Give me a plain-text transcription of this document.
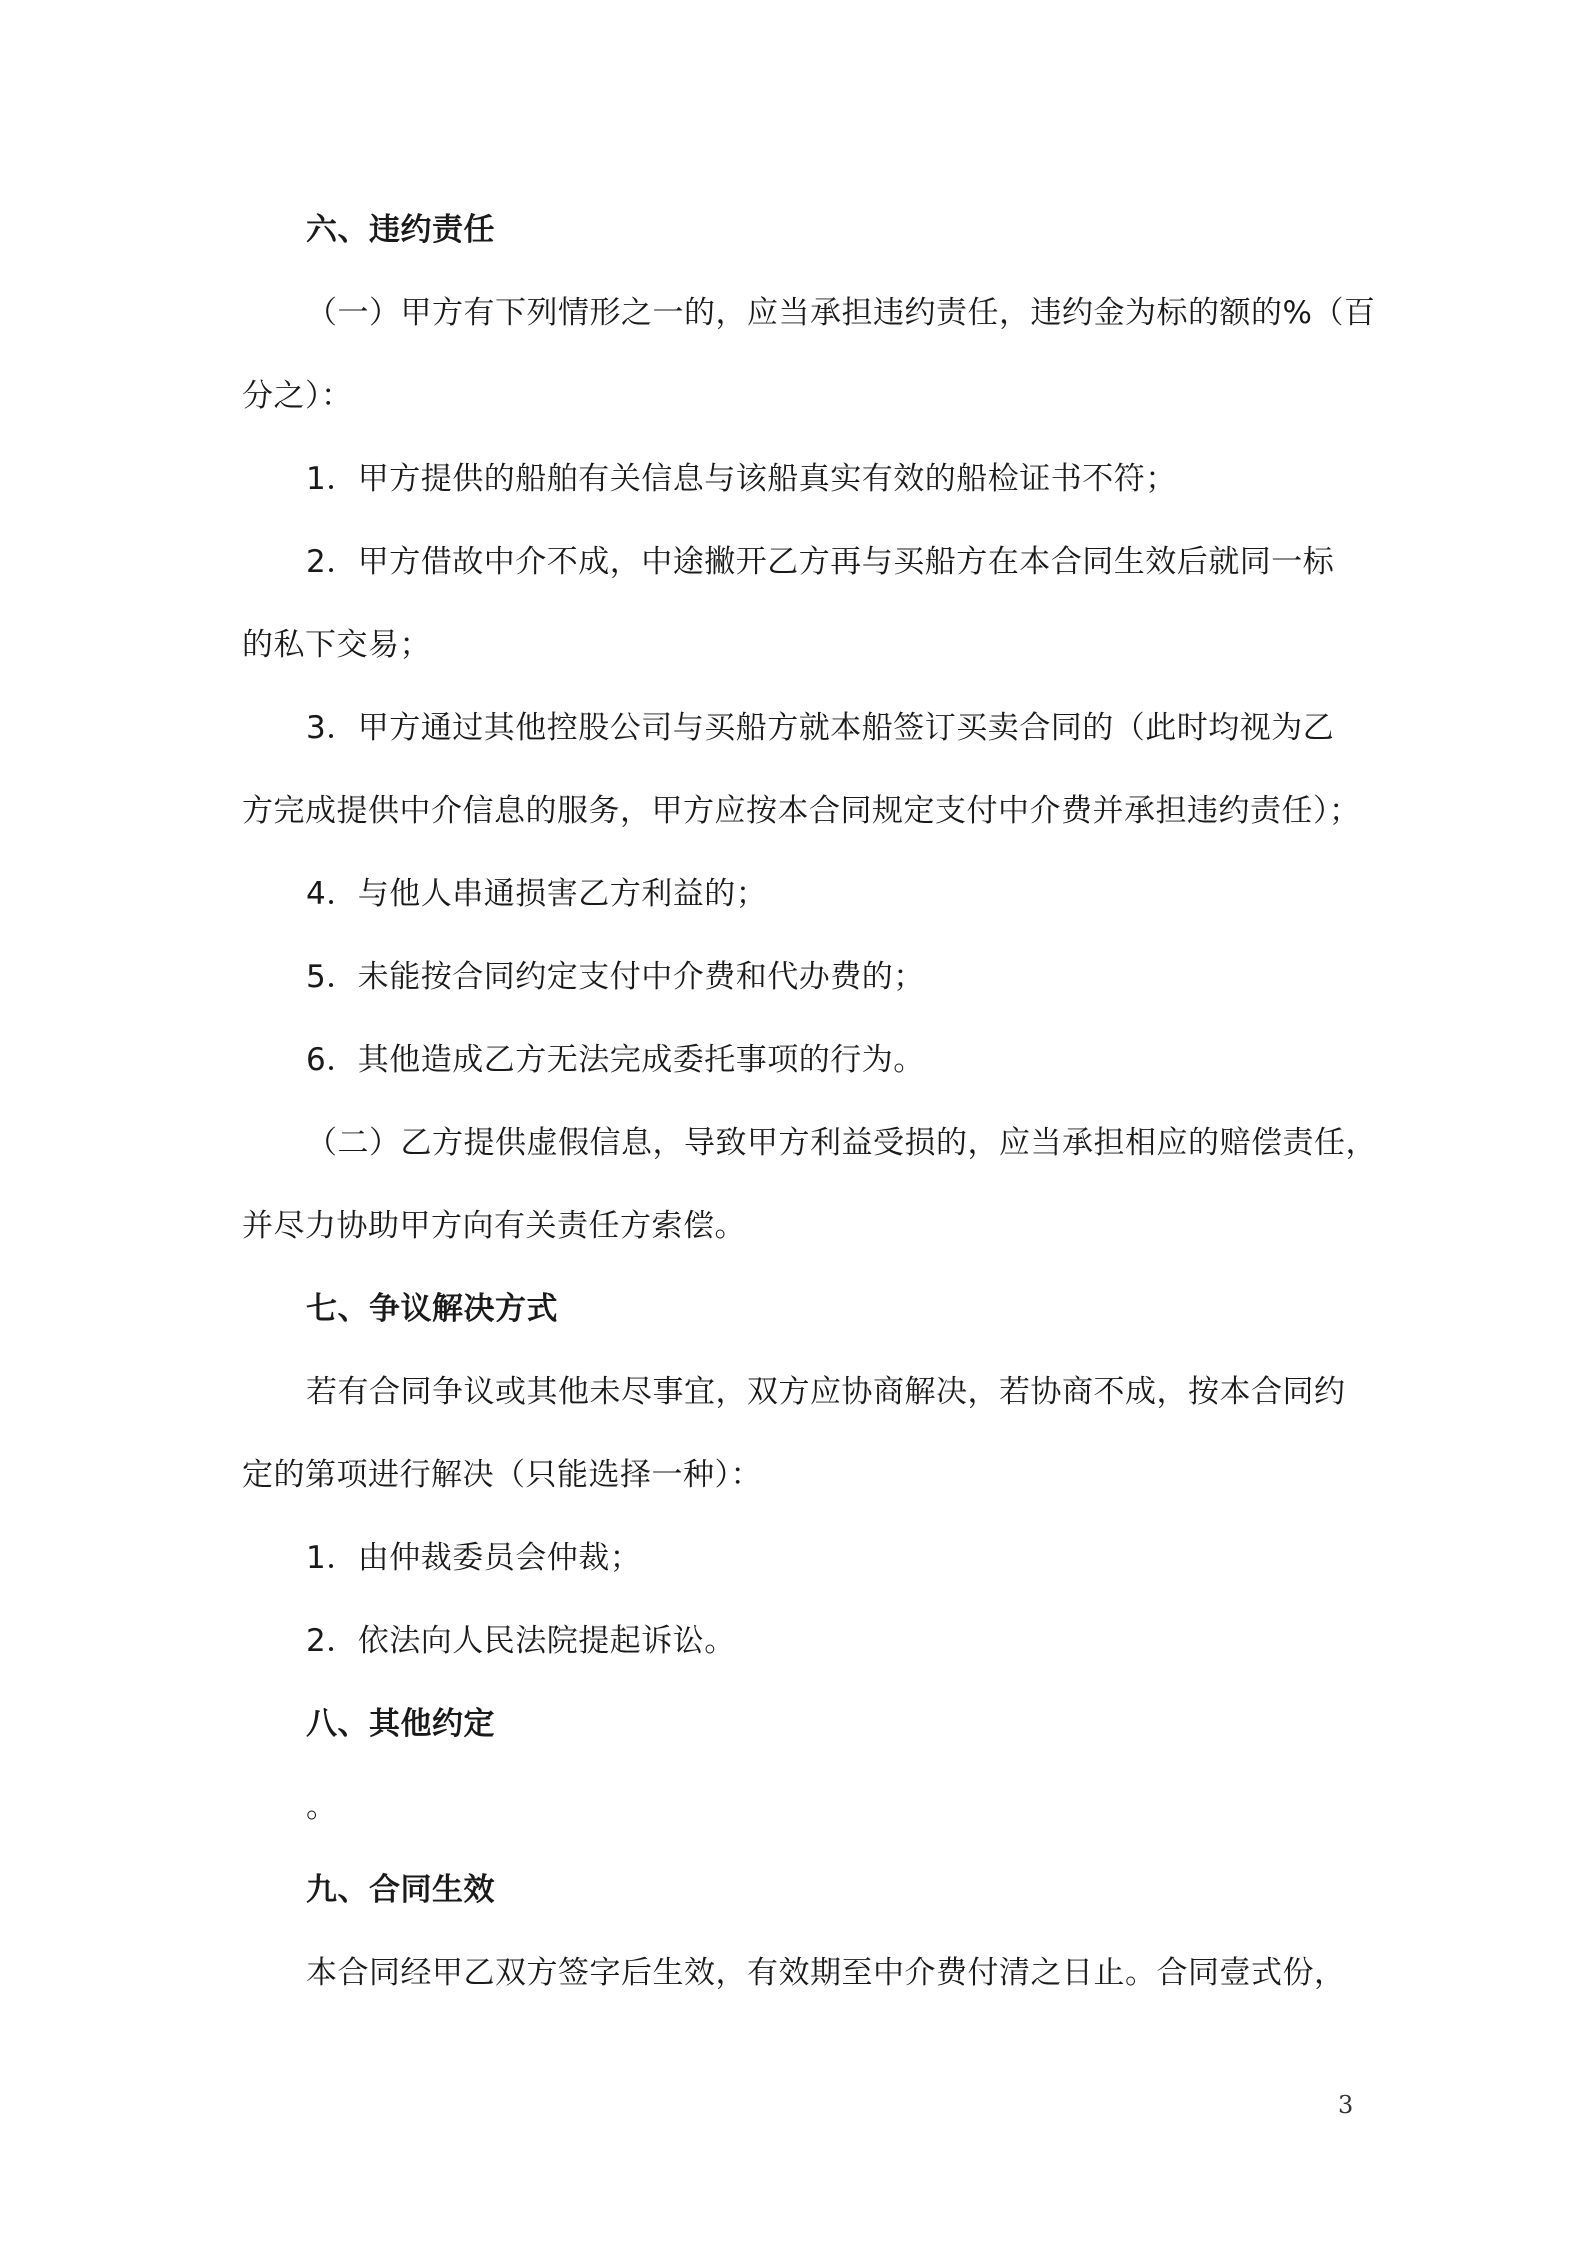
六、违约责任
（一）甲方有下列情形之一的，应当承担违约责任，违约金为标的额的%（百
分之）：
1．甲方提供的船舶有关信息与该船真实有效的船检证书不符；
2．甲方借故中介不成，中途撇开乙方再与买船方在本合同生效后就同一标
的私下交易；
3．甲方通过其他控股公司与买船方就本船签订买卖合同的（此时均视为乙
方完成提供中介信息的服务，甲方应按本合同规定支付中介费并承担违约责任）；
4．与他人串通损害乙方利益的；
5．未能按合同约定支付中介费和代办费的；
6．其他造成乙方无法完成委托事项的行为。
（二）乙方提供虚假信息，导致甲方利益受损的，应当承担相应的赔偿责任，
并尽力协助甲方向有关责任方索偿。
七、争议解决方式
若有合同争议或其他未尽事宜，双方应协商解决，若协商不成，按本合同约
定的第项进行解决（只能选择一种）：
1．由仲裁委员会仲裁；
2．依法向人民法院提起诉讼。
八、其他约定
。
九、合同生效
本合同经甲乙双方签字后生效，有效期至中介费付清之日止。合同壹式份，
3
